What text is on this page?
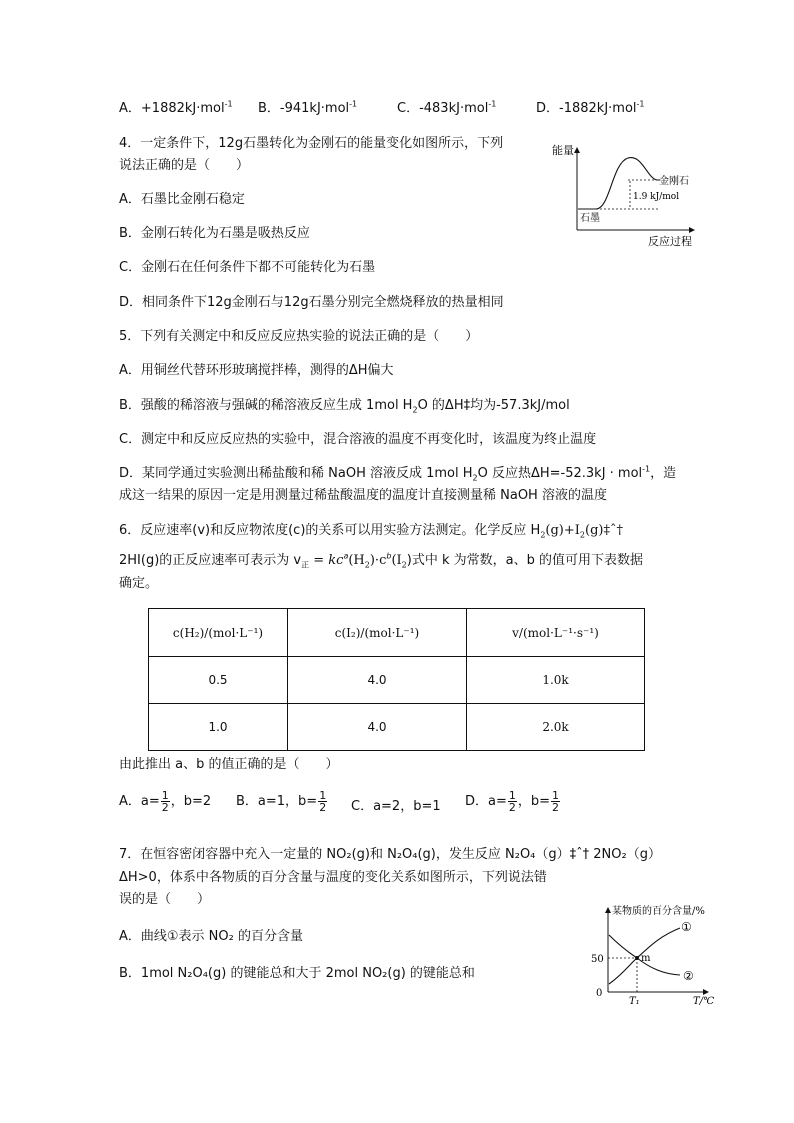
A．+1882kJ·mol$^{-1}$ B．-941kJ·mol$^{-1}$	C．-483kJ·mol$^{-1}$	D．-1882kJ·mol$^{-1}$
4．一定条件下，12g石墨转化为金刚石的能量变化如图所示，下列
说法正确的是（　　）
A．石墨比金刚石稳定
B．金刚石转化为石墨是吸热反应
C．金刚石在任何条件下都不可能转化为石墨
D．相同条件下12g金刚石与12g石墨分别完全燃烧释放的热量相同
能量
反应过程
金刚石
石墨
1.9 kJ/mol
5．下列有关测定中和反应反应热实验的说法正确的是（　　）
A．用铜丝代替环形玻璃搅拌棒，测得的ΔH偏大
B．强酸的稀溶液与强碱的稀溶液反应生成 1mol $H_2O$ 的ΔH‡均为-57.3kJ/mol
C．测定中和反应反应热的实验中，混合溶液的温度不再变化时，该温度为终止温度
D．某同学通过实验测出稀盐酸和稀 NaOH 溶液反成 1mol $H_2O$ 反应热ΔH=-52.3kJ · mol$^{-1}$，造
成这一结果的原因一定是用测量过稀盐酸温度的温度计直接测量稀 NaOH 溶液的温度
6．反应速率(v)和反应物浓度(c)的关系可以用实验方法测定。化学反应 $H_2(g)+I_2(g)\ddagger ˆ\dagger$
2HI(g)的正反应速率可表示为 $v_正 = kc^a(H_2)\cdot c^b(I_2)$式中 k 为常数，a、b 的值可用下表数据
确定。
c(H₂)/(mol·L⁻¹)	c(I₂)/(mol·L⁻¹)	v/(mol·L⁻¹·s⁻¹)
0.5	4.0	1.0k
1.0	4.0	2.0k
由此推出 a、b 的值正确的是（　　）
A．$a= \frac{1}{2}$ ，b=2 B．a=1，$b= \frac{1}{2}$ C．a=2，b=1 D．$a= \frac{1}{2}$ ，$b= \frac{1}{2}$
7．在恒容密闭容器中充入一定量的 NO₂(g)和 N₂O₄(g)，发生反应 N₂O₄（g）‡ˆ† 2NO₂（g）
ΔH>0，体系中各物质的百分含量与温度的变化关系如图所示，下列说法错
误的是（　　）
A．曲线①表示 NO₂ 的百分含量
B．1mol N₂O₄(g) 的键能总和大于 2mol NO₂(g) 的键能总和
某物质的百分含量/%
50
0
T₁	T/℃
m
①
②
